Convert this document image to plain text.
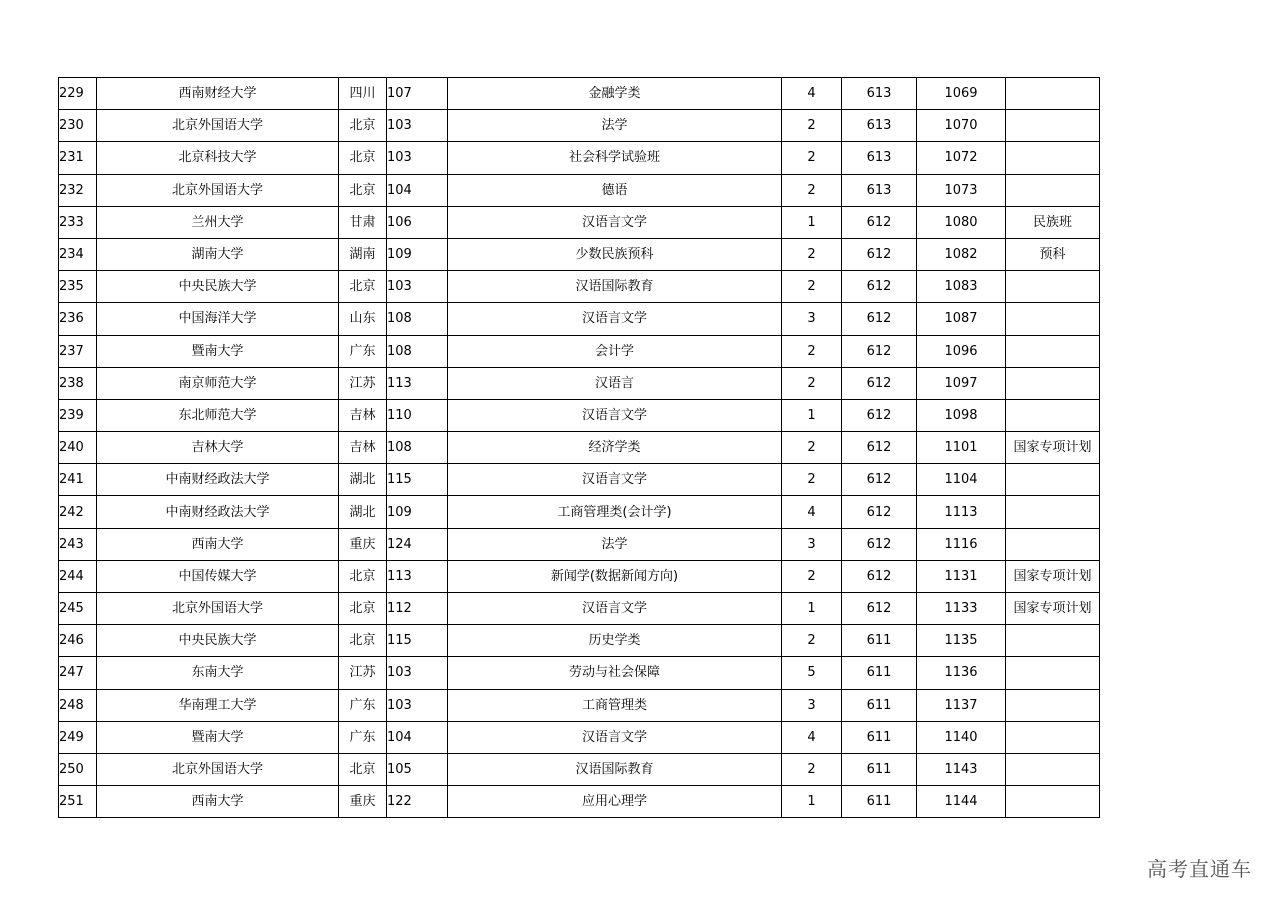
229	西南财经大学	四川	107	金融学类	4	613	1069	
230	北京外国语大学	北京	103	法学	2	613	1070	
231	北京科技大学	北京	103	社会科学试验班	2	613	1072	
232	北京外国语大学	北京	104	德语	2	613	1073	
233	兰州大学	甘肃	106	汉语言文学	1	612	1080	民族班
234	湖南大学	湖南	109	少数民族预科	2	612	1082	预科
235	中央民族大学	北京	103	汉语国际教育	2	612	1083	
236	中国海洋大学	山东	108	汉语言文学	3	612	1087	
237	暨南大学	广东	108	会计学	2	612	1096	
238	南京师范大学	江苏	113	汉语言	2	612	1097	
239	东北师范大学	吉林	110	汉语言文学	1	612	1098	
240	吉林大学	吉林	108	经济学类	2	612	1101	国家专项计划
241	中南财经政法大学	湖北	115	汉语言文学	2	612	1104	
242	中南财经政法大学	湖北	109	工商管理类(会计学)	4	612	1113	
243	西南大学	重庆	124	法学	3	612	1116	
244	中国传媒大学	北京	113	新闻学(数据新闻方向)	2	612	1131	国家专项计划
245	北京外国语大学	北京	112	汉语言文学	1	612	1133	国家专项计划
246	中央民族大学	北京	115	历史学类	2	611	1135	
247	东南大学	江苏	103	劳动与社会保障	5	611	1136	
248	华南理工大学	广东	103	工商管理类	3	611	1137	
249	暨南大学	广东	104	汉语言文学	4	611	1140	
250	北京外国语大学	北京	105	汉语国际教育	2	611	1143	
251	西南大学	重庆	122	应用心理学	1	611	1144	
高考直通车
